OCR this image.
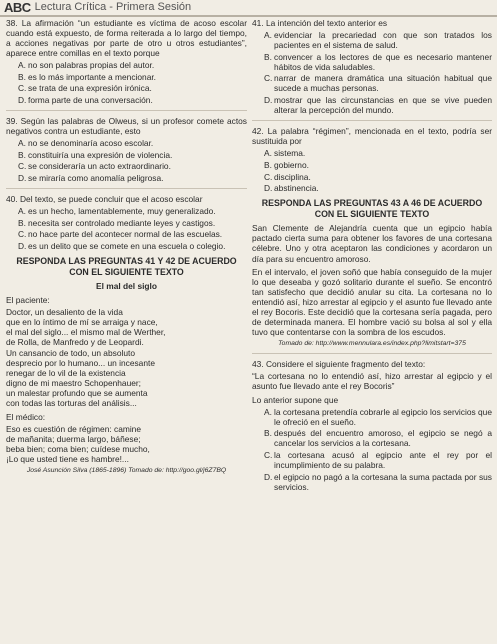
ABC Lectura Crítica - Primera Sesión
38. La afirmación “un estudiante es víctima de acoso escolar cuando está expuesto, de forma reiterada a lo largo del tiempo, a acciones negativas por parte de otro u otros estudiantes”, aparece entre comillas en el texto porque
A. no son palabras propias del autor.
B. es lo más importante a mencionar.
C. se trata de una expresión irónica.
D. forma parte de una conversación.
39. Según las palabras de Olweus, si un profesor comete actos negativos contra un estudiante, esto
A. no se denominaría acoso escolar.
B. constituiría una expresión de violencia.
C. se consideraría un acto extraordinario.
D. se miraría como anomalía peligrosa.
40. Del texto, se puede concluir que el acoso escolar
A. es un hecho, lamentablemente, muy generalizado.
B. necesita ser controlado mediante leyes y castigos.
C. no hace parte del acontecer normal de las escuelas.
D. es un delito que se comete en una escuela o colegio.
RESPONDA LAS PREGUNTAS 41 Y 42 DE ACUERDO CON EL SIGUIENTE TEXTO
El mal del siglo
El paciente:
Doctor, un desaliento de la vida
que en lo íntimo de mí se arraiga y nace,
el mal del siglo... el mismo mal de Werther,
de Rolla, de Manfredo y de Leopardi.
Un cansancio de todo, un absoluto
desprecio por lo humano... un incesante
renegar de lo vil de la existencia
digno de mi maestro Schopenhauer;
un malestar profundo que se aumenta
con todas las torturas del análisis...
El médico:
Eso es cuestión de régimen: camine
de mañanita; duerma largo, báñese;
beba bien; coma bien; cuídese mucho,
¡Lo que usted tiene es hambre!...
José Asunción Silva (1865-1896) Tomado de: http://goo.gl/j6Z7BQ
41. La intención del texto anterior es
A. evidenciar la precariedad con que son tratados los pacientes en el sistema de salud.
B. convencer a los lectores de que es necesario mantener hábitos de vida saludables.
C. narrar de manera dramática una situación habitual que sucede a muchas personas.
D. mostrar que las circunstancias en que se vive pueden alterar la percepción del mundo.
42. La palabra “régimen”, mencionada en el texto, podría ser sustituida por
A. sistema.
B. gobierno.
C. disciplina.
D. abstinencia.
RESPONDA LAS PREGUNTAS 43 A 46 DE ACUERDO CON EL SIGUIENTE TEXTO
San Clemente de Alejandría cuenta que un egipcio había pactado cierta suma para obtener los favores de una cortesana célebre. Uno y otra aceptaron las condiciones y acordaron un día para su encuentro amoroso.
En el intervalo, el joven soñó que había conseguido de la mujer lo que deseaba y gozó solitario durante el sueño. Se encontró tan satisfecho que decidió anular su cita. La cortesana no lo entendió así, hizo arrestar al egipcio y el asunto fue llevado ante el rey Bocoris. Este decidió que la cortesana sería pagada, pero de determinada manera. El hombre vació su bolsa al sol y ella tuvo que contentarse con la sombra de los escudos.
Tomado de: http://www.mennulara.es/index.php?limitstart=375
43. Considere el siguiente fragmento del texto:
“La cortesana no lo entendió así, hizo arrestar al egipcio y el asunto fue llevado ante el rey Bocoris”
Lo anterior supone que
A. la cortesana pretendía cobrarle al egipcio los servicios que le ofreció en el sueño.
B. después del encuentro amoroso, el egipcio se negó a cancelar los servicios a la cortesana.
C. la cortesana acusó al egipcio ante el rey por el incumplimiento de su palabra.
D. el egipcio no pagó a la cortesana la suma pactada por sus servicios.
